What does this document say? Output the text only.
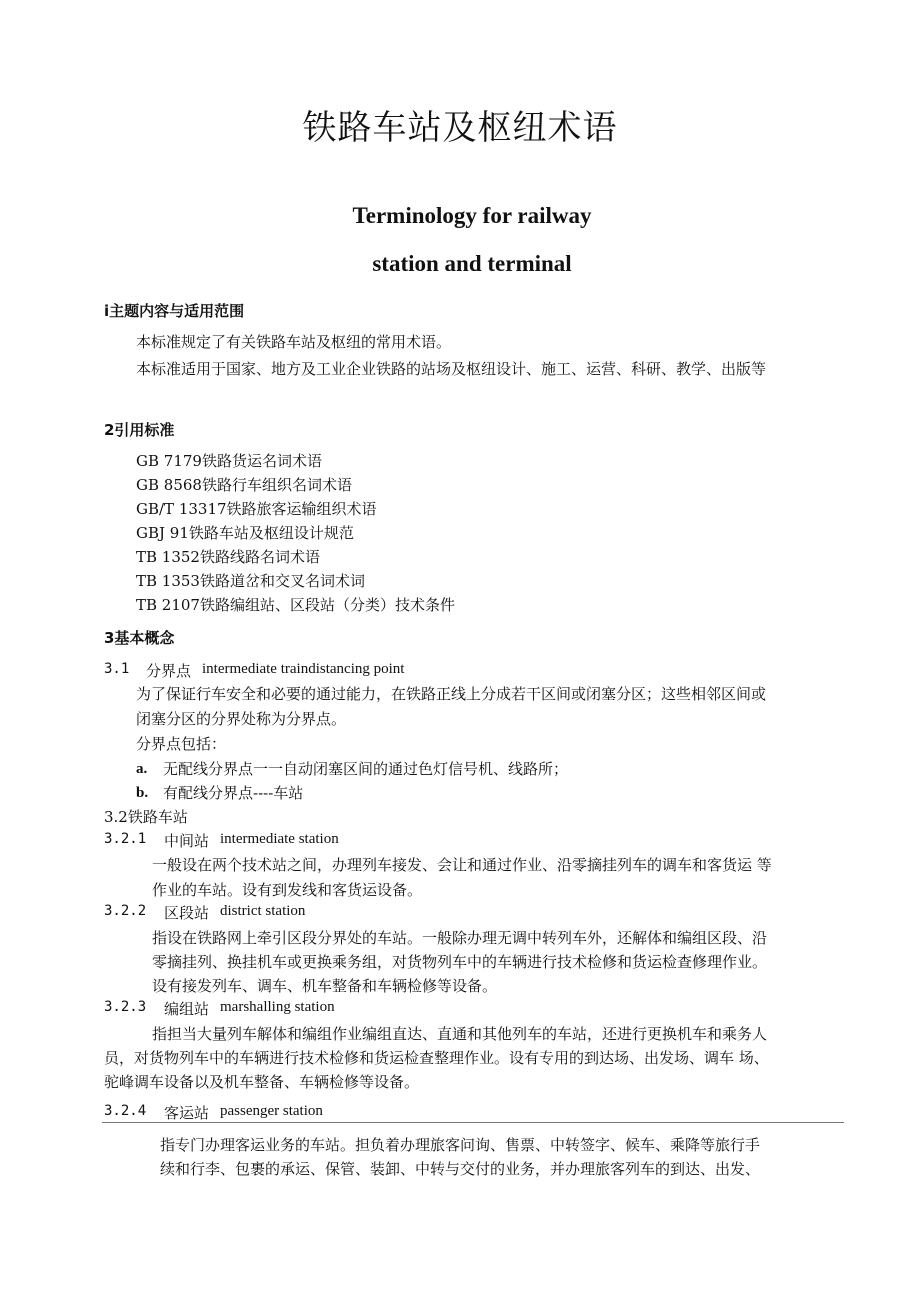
铁路车站及枢纽术语
Terminology for railway
station and terminal
i主题内容与适用范围
本标准规定了有关铁路车站及枢纽的常用术语。
本标准适用于国家、地方及工业企业铁路的站场及枢纽设计、施工、运营、科研、教学、出版等
2引用标准
GB 7179铁路货运名词术语
GB 8568铁路行车组织名词术语
GB/T 13317铁路旅客运输组织术语
GBJ 91铁路车站及枢纽设计规范
TB 1352铁路线路名词术语
TB 1353铁路道岔和交叉名词术词
TB 2107铁路编组站、区段站（分类）技术条件
3基本概念
3.1 分界点 intermediate traindistancing point
为了保证行车安全和必要的通过能力，在铁路正线上分成若干区间或闭塞分区；这些相邻区间或
闭塞分区的分界处称为分界点。
分界点包括：
a. 无配线分界点一一自动闭塞区间的通过色灯信号机、线路所；
b. 有配线分界点----车站
3.2铁路车站
3.2.1 中间站 intermediate station
一般设在两个技术站之间，办理列车接发、会让和通过作业、沿零摘挂列车的调车和客货运 等
作业的车站。设有到发线和客货运设备。
3.2.2 区段站 district station
指设在铁路网上牵引区段分界处的车站。一般除办理无调中转列车外，还解体和编组区段、沿
零摘挂列、换挂机车或更换乘务组，对货物列车中的车辆进行技术检修和货运检查修理作业。
设有接发列车、调车、机车整备和车辆检修等设备。
3.2.3 编组站 marshalling station
指担当大量列车解体和编组作业编组直达、直通和其他列车的车站，还进行更换机车和乘务人
员，对货物列车中的车辆进行技术检修和货运检查整理作业。设有专用的到达场、出发场、调车 场、
驼峰调车设备以及机车整备、车辆检修等设备。
3.2.4 客运站 passenger station
指专门办理客运业务的车站。担负着办理旅客问询、售票、中转签字、候车、乘降等旅行手
续和行李、包裹的承运、保管、装卸、中转与交付的业务，并办理旅客列车的到达、出发、
